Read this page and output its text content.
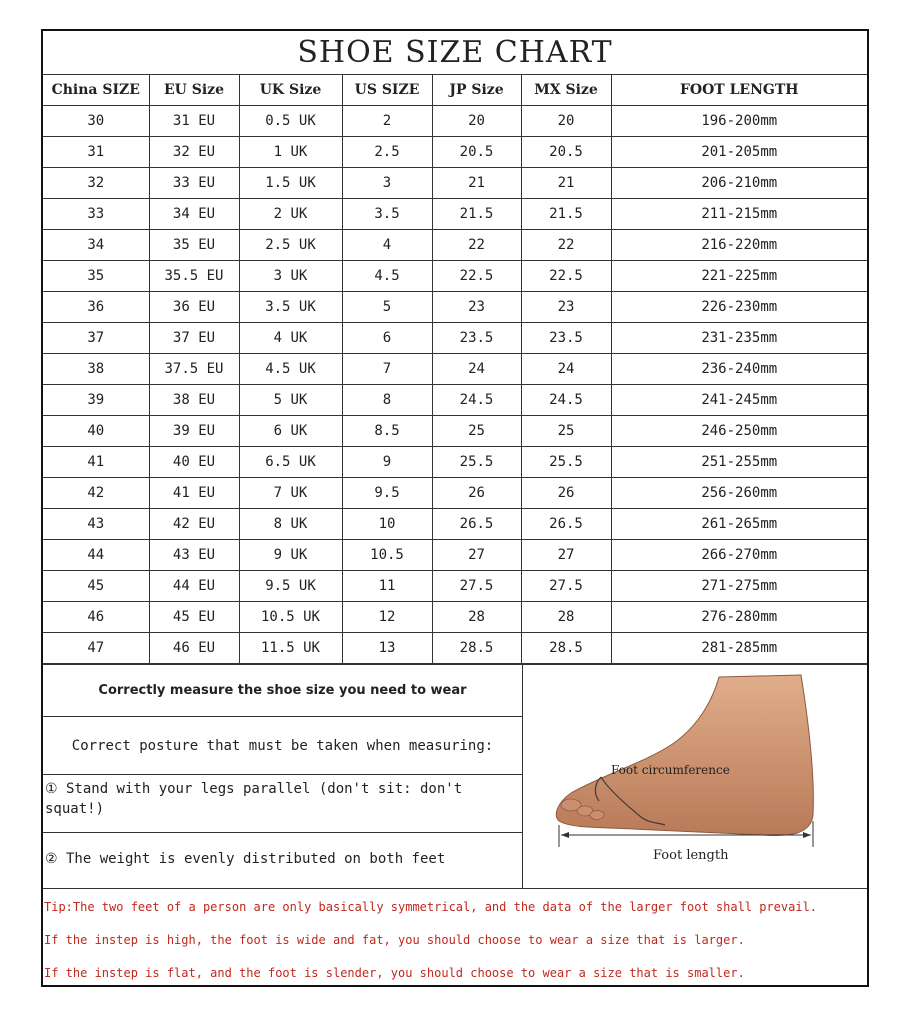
SHOE SIZE CHART
China SIZE	EU Size	UK Size	US SIZE	JP Size	MX Size	FOOT LENGTH
30	31 EU	0.5 UK	2	20	20	196-200mm
31	32 EU	1 UK	2.5	20.5	20.5	201-205mm
32	33 EU	1.5 UK	3	21	21	206-210mm
33	34 EU	2 UK	3.5	21.5	21.5	211-215mm
34	35 EU	2.5 UK	4	22	22	216-220mm
35	35.5 EU	3 UK	4.5	22.5	22.5	221-225mm
36	36 EU	3.5 UK	5	23	23	226-230mm
37	37 EU	4 UK	6	23.5	23.5	231-235mm
38	37.5 EU	4.5 UK	7	24	24	236-240mm
39	38 EU	5 UK	8	24.5	24.5	241-245mm
40	39 EU	6 UK	8.5	25	25	246-250mm
41	40 EU	6.5 UK	9	25.5	25.5	251-255mm
42	41 EU	7 UK	9.5	26	26	256-260mm
43	42 EU	8 UK	10	26.5	26.5	261-265mm
44	43 EU	9 UK	10.5	27	27	266-270mm
45	44 EU	9.5 UK	11	27.5	27.5	271-275mm
46	45 EU	10.5 UK	12	28	28	276-280mm
47	46 EU	11.5 UK	13	28.5	28.5	281-285mm
Correctly measure the shoe size you need to wear
Correct posture that must be taken when measuring:
① Stand with your legs parallel (don't sit: don't squat!)
② The weight is evenly distributed on both feet
Foot circumference
Foot length
Tip:The two feet of a person are only basically symmetrical, and the data of the larger foot shall prevail.
If the instep is high, the foot is wide and fat, you should choose to wear a size that is larger.
If the instep is flat, and the foot is slender, you should choose to wear a size that is smaller.
